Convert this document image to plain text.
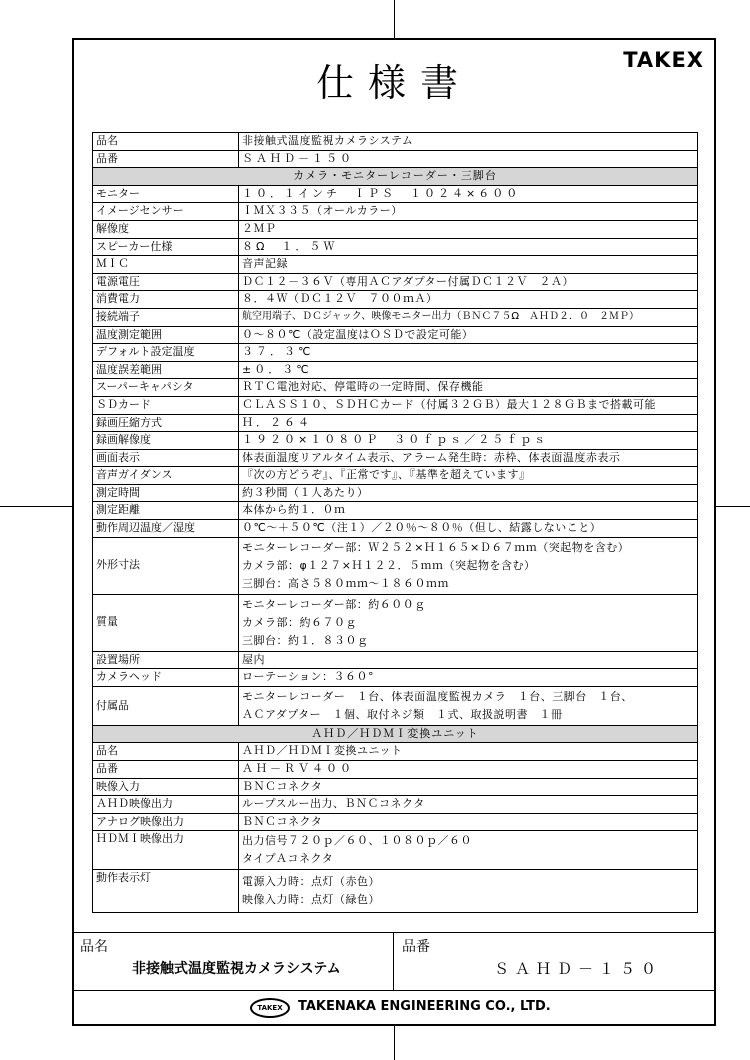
仕様書
TAKEX
品名	非接触式温度監視カメラシステム
品番	ＳＡＨＤ－１５０
カメラ・モニターレコーダー・三脚台	
モニター	１０．１インチ　ＩＰＳ　１０２４×６００
イメージセンサー	ＩＭＸ３３５（オールカラー）
解像度	２ＭＰ
スピーカー仕様	８Ω　１．５Ｗ
ＭＩＣ	音声記録
電源電圧	ＤＣ１２－３６Ｖ（専用ＡＣアダプター付属ＤＣ１２Ｖ　２Ａ）
消費電力	８．４Ｗ（ＤＣ１２Ｖ　７００ｍＡ）
接続端子	航空用端子、ＤＣジャック、映像モニター出力（ＢＮＣ７５Ω　ＡＨＤ２．０　２ＭＰ）
温度測定範囲	０～８０℃（設定温度はＯＳＤで設定可能）
デフォルト設定温度	３７．３℃
温度誤差範囲	±０．３℃
スーパーキャパシタ	ＲＴＣ電池対応、停電時の一定時間、保存機能
ＳＤカード	ＣＬＡＳＳ１０、ＳＤＨＣカード（付属３２ＧＢ）最大１２８ＧＢまで搭載可能
録画圧縮方式	Ｈ．２６４
録画解像度	１９２０×１０８０Ｐ　３０ｆｐｓ／２５ｆｐｓ
画面表示	体表面温度リアルタイム表示、アラーム発生時：赤枠、体表面温度赤表示
音声ガイダンス	『次の方どうぞ』、『正常です』、『基準を超えています』
測定時間	約３秒間（１人あたり）
測定距離	本体から約１．０ｍ
動作周辺温度／湿度	０℃～＋５０℃（注１）／２０％～８０％（但し、結露しないこと）
外形寸法	モニターレコーダー部：Ｗ２５２×Ｈ１６５×Ｄ６７ｍｍ（突起物を含む）
カメラ部：φ１２７×Ｈ１２２．５ｍｍ（突起物を含む）
三脚台：高さ５８０ｍｍ～１８６０ｍｍ

質量	モニターレコーダー部：約６００ｇ
カメラ部：約６７０ｇ
三脚台：約１．８３０ｇ

設置場所	屋内
カメラヘッド	ローテーション：３６０°
付属品	モニターレコーダー　１台、体表面温度監視カメラ　１台、三脚台　１台、
ＡＣアダプター　１個、取付ネジ類　１式、取扱説明書　１冊

ＡＨＤ／ＨＤＭＩ変換ユニット	
品名	ＡＨＤ／ＨＤＭＩ変換ユニット
品番	ＡＨ－ＲＶ４００
映像入力	ＢＮＣコネクタ
ＡＨＤ映像出力	ループスルー出力、ＢＮＣコネクタ
アナログ映像出力	ＢＮＣコネクタ
ＨＤＭＩ映像出力	出力信号７２０ｐ／６０、１０８０ｐ／６０
タイプＡコネクタ

動作表示灯	電源入力時：点灯（赤色）
映像入力時：点灯（緑色）
品名
非接触式温度監視カメラシステム
品番
ＳＡＨＤ－１５０
TAKEX	TAKENAKA ENGINEERING CO., LTD.
